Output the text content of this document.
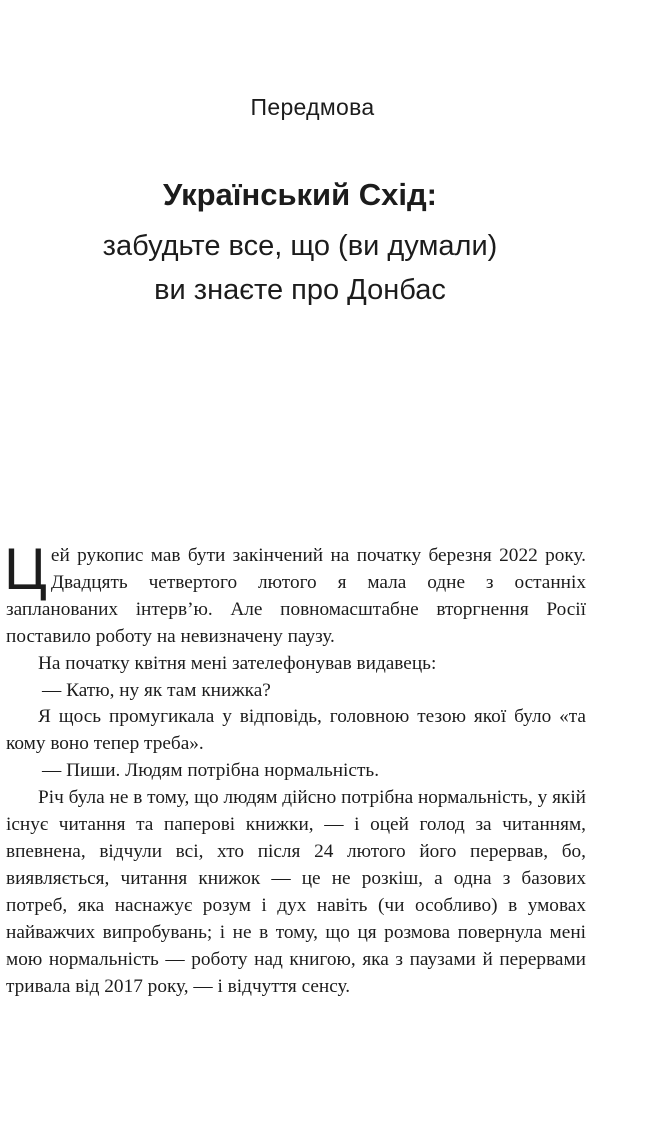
Передмова
Український Схід:
забудьте все, що (ви думали)
ви знаєте про Донбас

Цей рукопис мав бути закінчений на початку березня 2022 року. Двадцять четвертого лютого я мала одне з останніх запланованих інтерв’ю. Але повномасштабне вторгнення Росії поставило роботу на невизначену паузу.

На початку квітня мені зателефонував видавець:

— Катю, ну як там книжка?

Я щось промугикала у відповідь, головною тезою якої було «та кому воно тепер треба».

— Пиши. Людям потрібна нормальність.

Річ була не в тому, що людям дійсно потрібна нормальність, у якій існує читання та паперові книжки, — і оцей голод за читанням, впевнена, відчули всі, хто після 24 лютого його перервав, бо, виявляється, читання книжок — це не розкіш, а одна з базових потреб, яка наснажує розум і дух навіть (чи особливо) в умовах найважчих випробувань; і не в тому, що ця розмова повернула мені мою нормальність — роботу над книгою, яка з паузами й перервами тривала від 2017 року, — і відчуття сенсу.
